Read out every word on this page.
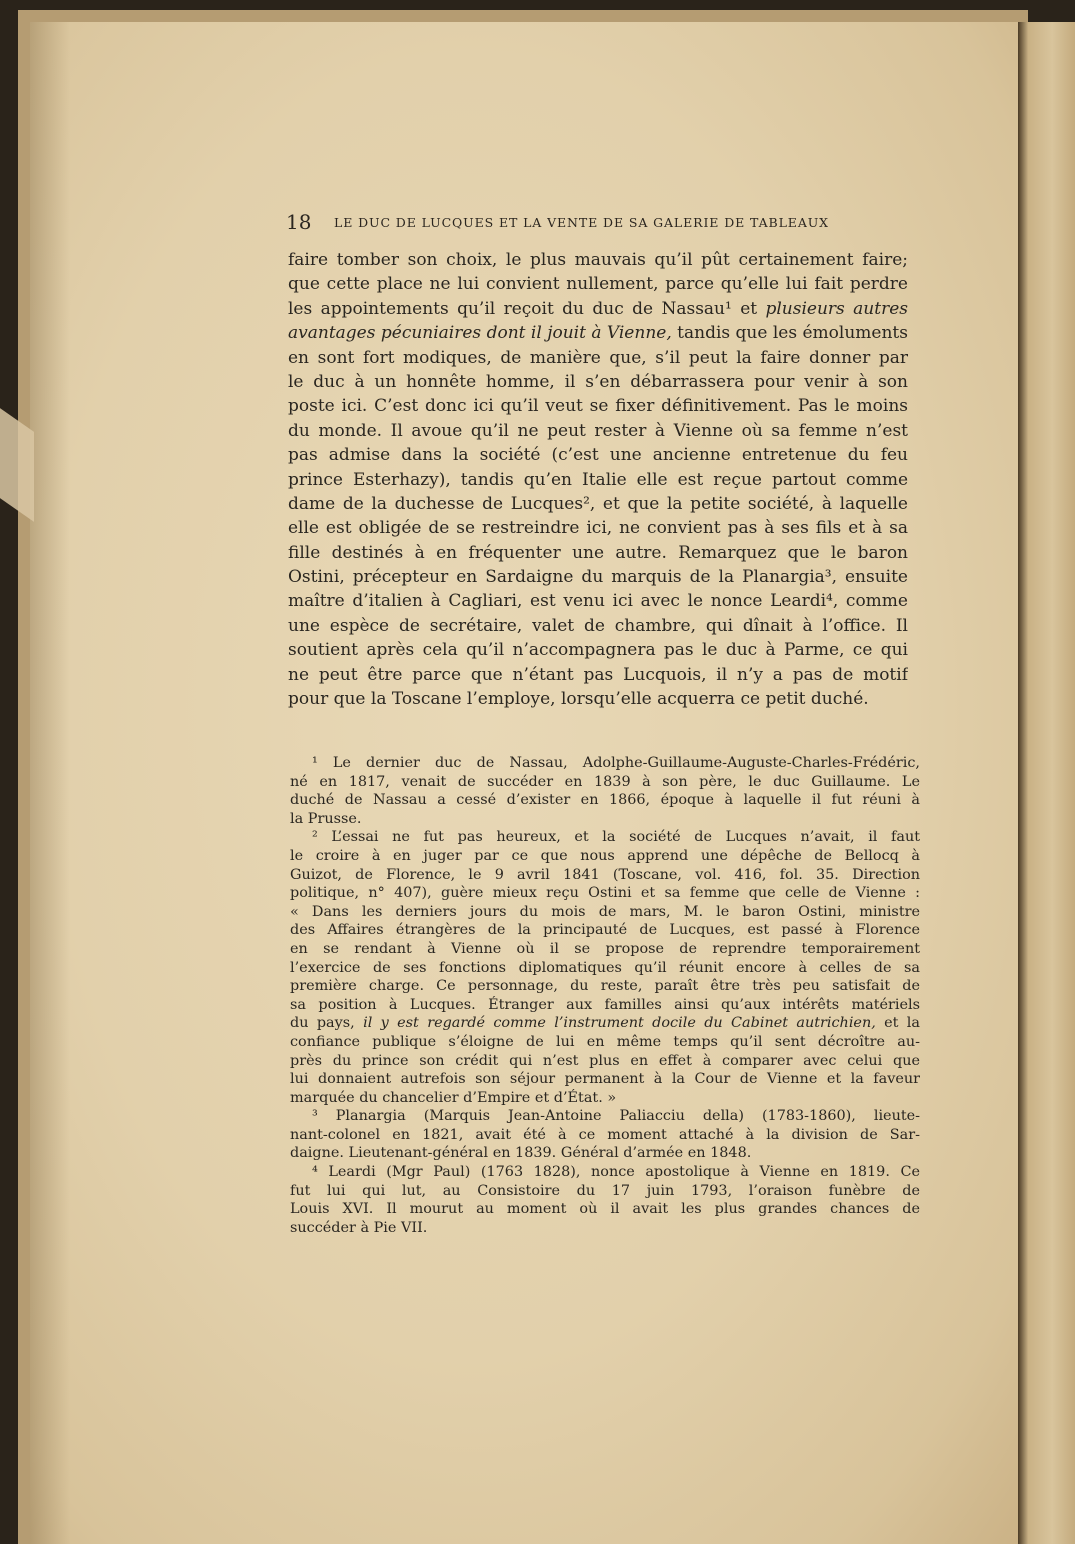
18 LE DUC DE LUCQUES ET LA VENTE DE SA GALERIE DE TABLEAUX
faire tomber son choix, le plus mauvais qu’il pût certainement faire;
que cette place ne lui convient nullement, parce qu’elle lui fait perdre
les appointements qu’il reçoit du duc de Nassau¹ et plusieurs autres
avantages pécuniaires dont il jouit à Vienne, tandis que les émoluments
en sont fort modiques, de manière que, s’il peut la faire donner par
le duc à un honnête homme, il s’en débarrassera pour venir à son
poste ici. C’est donc ici qu’il veut se fixer définitivement. Pas le moins
du monde. Il avoue qu’il ne peut rester à Vienne où sa femme n’est
pas admise dans la société (c’est une ancienne entretenue du feu
prince Esterhazy), tandis qu’en Italie elle est reçue partout comme
dame de la duchesse de Lucques², et que la petite société, à laquelle
elle est obligée de se restreindre ici, ne convient pas à ses fils et à sa
fille destinés à en fréquenter une autre. Remarquez que le baron
Ostini, précepteur en Sardaigne du marquis de la Planargia³, ensuite
maître d’italien à Cagliari, est venu ici avec le nonce Leardi⁴, comme
une espèce de secrétaire, valet de chambre, qui dînait à l’office. Il
soutient après cela qu’il n’accompagnera pas le duc à Parme, ce qui
ne peut être parce que n’étant pas Lucquois, il n’y a pas de motif
pour que la Toscane l’employe, lorsqu’elle acquerra ce petit duché.
¹ Le dernier duc de Nassau, Adolphe-Guillaume-Auguste-Charles-Frédéric,
né en 1817, venait de succéder en 1839 à son père, le duc Guillaume. Le
duché de Nassau a cessé d’exister en 1866, époque à laquelle il fut réuni à
la Prusse.
² L’essai ne fut pas heureux, et la société de Lucques n’avait, il faut
le croire à en juger par ce que nous apprend une dépêche de Bellocq à
Guizot, de Florence, le 9 avril 1841 (Toscane, vol. 416, fol. 35. Direction
politique, n° 407), guère mieux reçu Ostini et sa femme que celle de Vienne :
« Dans les derniers jours du mois de mars, M. le baron Ostini, ministre
des Affaires étrangères de la principauté de Lucques, est passé à Florence
en se rendant à Vienne où il se propose de reprendre temporairement
l’exercice de ses fonctions diplomatiques qu’il réunit encore à celles de sa
première charge. Ce personnage, du reste, paraît être très peu satisfait de
sa position à Lucques. Étranger aux familles ainsi qu’aux intérêts matériels
du pays, il y est regardé comme l’instrument docile du Cabinet autrichien, et la
confiance publique s’éloigne de lui en même temps qu’il sent décroître au-
près du prince son crédit qui n’est plus en effet à comparer avec celui que
lui donnaient autrefois son séjour permanent à la Cour de Vienne et la faveur
marquée du chancelier d’Empire et d’État. »
³ Planargia (Marquis Jean-Antoine Paliacciu della) (1783-1860), lieute-
nant-colonel en 1821, avait été à ce moment attaché à la division de Sar-
daigne. Lieutenant-général en 1839. Général d’armée en 1848.
⁴ Leardi (Mgr Paul) (1763 1828), nonce apostolique à Vienne en 1819. Ce
fut lui qui lut, au Consistoire du 17 juin 1793, l’oraison funèbre de
Louis XVI. Il mourut au moment où il avait les plus grandes chances de
succéder à Pie VII.
